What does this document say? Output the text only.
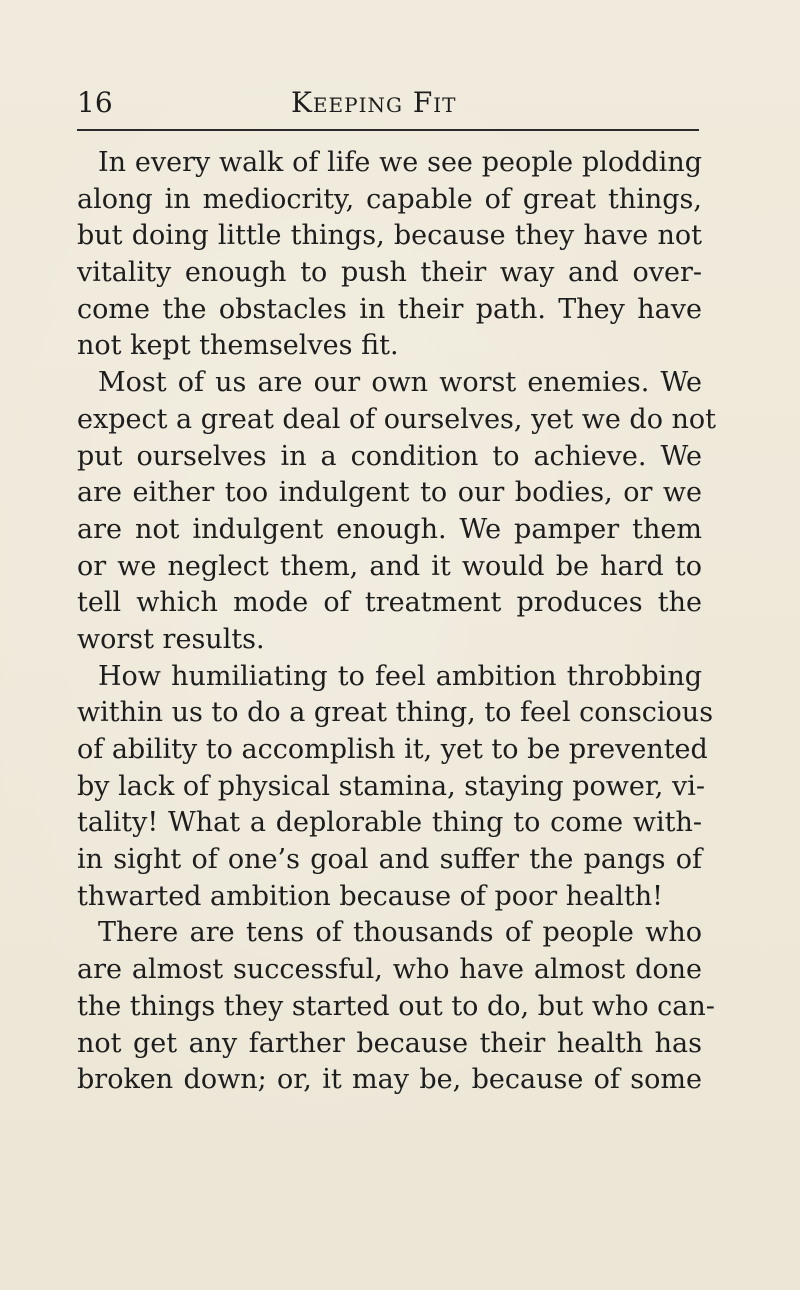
16	Keeping Fit
In every walk of life we see people plodding
along in mediocrity, capable of great things,
but doing little things, because they have not
vitality enough to push their way and over-
come the obstacles in their path. They have
not kept themselves fit.
Most of us are our own worst enemies. We
expect a great deal of ourselves, yet we do not
put ourselves in a condition to achieve. We
are either too indulgent to our bodies, or we
are not indulgent enough. We pamper them
or we neglect them, and it would be hard to
tell which mode of treatment produces the
worst results.
How humiliating to feel ambition throbbing
within us to do a great thing, to feel conscious
of ability to accomplish it, yet to be prevented
by lack of physical stamina, staying power, vi-
tality! What a deplorable thing to come with-
in sight of one’s goal and suffer the pangs of
thwarted ambition because of poor health!
There are tens of thousands of people who
are almost successful, who have almost done
the things they started out to do, but who can-
not get any farther because their health has
broken down; or, it may be, because of some
